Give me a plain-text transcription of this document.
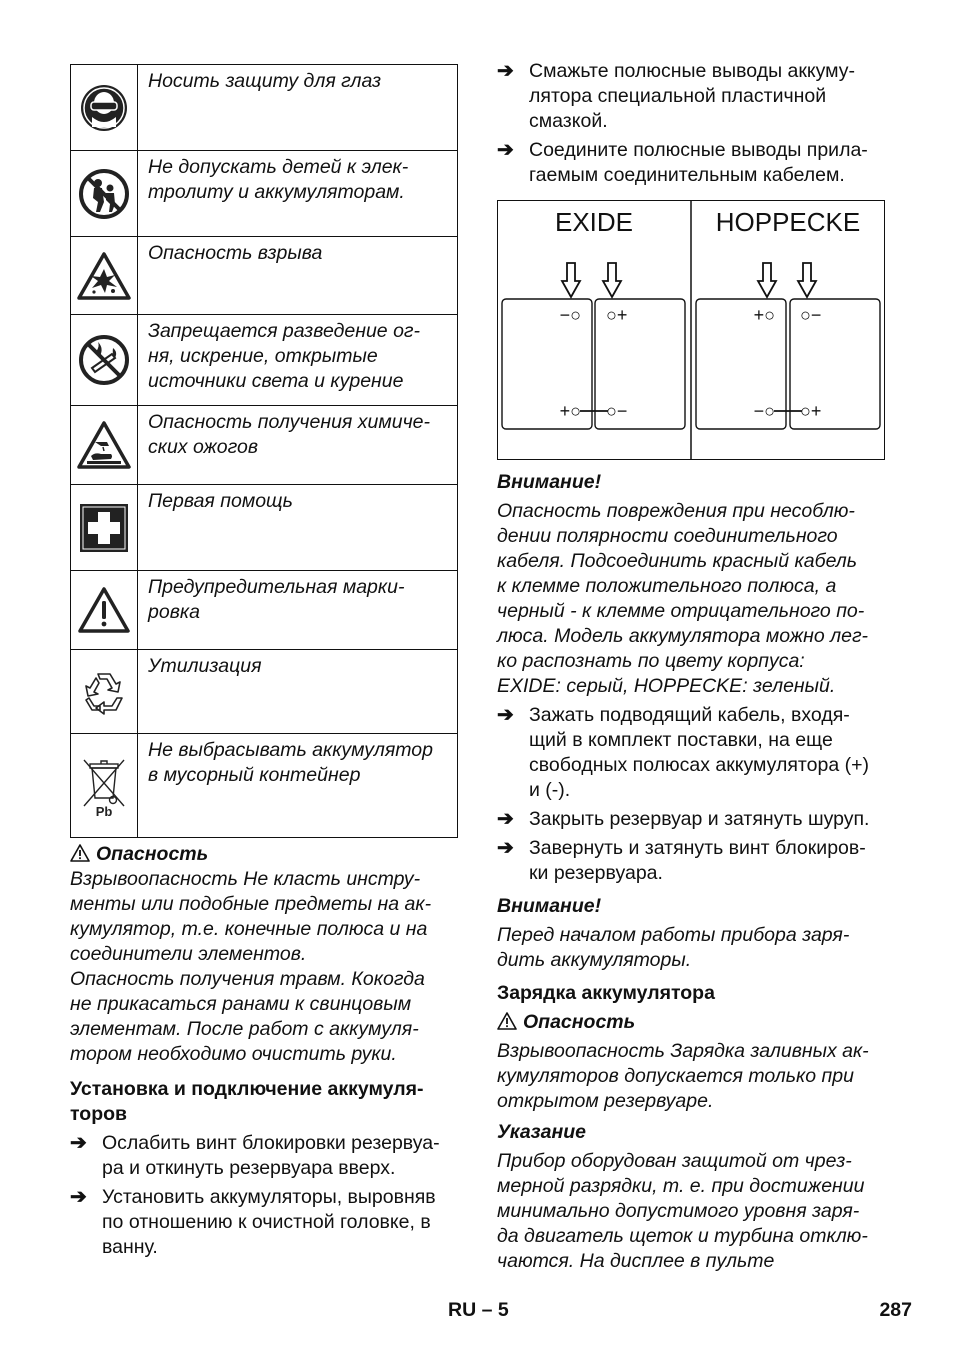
	Носить защиту для глаз

	Не допускать детей к элек-
тролиту и аккумуляторам.

	Опасность взрыва

	Запрещается разведение ог-
ня, искрение, открытые
источники света и курение

	Опасность получения химиче-
ских ожогов

	Первая помощь

	Предупредительная марки-
ровка

	Утилизация

Pb	Не выбрасывать аккумулятор
в мусорный контейнер

Опасность

Взрывоопасность Не класть инстру-
менты или подобные предметы на ак-
кумулятор, т.е. конечные полюса и на
соединители элементов.

Опасность получения травм. Кокогда
не прикасаться ранами к свинцовым
элементам. После работ с аккумуля-
тором необходимо очистить руки.

Установка и подключение аккумуля-
торов

➔ Ослабить винт блокировки резервуа-
ра и откинуть резервуара вверх.
➔ Установить аккумуляторы, выровняв
по отношению к очистной головке, в
ванну.
➔ Смажьте полюсные выводы аккуму-
лятора специальной пластичной
смазкой.
➔ Соедините полюсные выводы прила-
гаемым соединительным кабелем.
EXIDE
−○ ○+
+○ ○−
HOPPECKE
+○ ○−
−○ ○+

Внимание!

Опасность повреждения при несоблю-
дении полярности соединительного
кабеля. Подсоединить красный кабель
к клемме положительного полюса, а
черный - к клемме отрицательного по-
люса. Модель аккумулятора можно лег-
ко распознать по цвету корпуса:
EXIDE: серый, HOPPECKE: зеленый.

➔ Зажать подводящий кабель, входя-
щий в комплект поставки, на еще
свободных полюсах аккумулятора (+)
и (-).
➔ Закрыть резервуар и затянуть шуруп.
➔ Завернуть и затянуть винт блокиров-
ки резервуара.

Внимание!

Перед началом работы прибора заря-
дить аккумуляторы.

Зарядка аккумулятора

Опасность

Взрывоопасность Зарядка заливных ак-
кумуляторов допускается только при
открытом резервуаре.

Указание

Прибор оборудован защитой от чрез-
мерной разрядки, т. е. при достижении
минимально допустимого уровня заря-
да двигатель щеток и турбина отклю-
чаются. На дисплее в пульте

RU – 5	287
